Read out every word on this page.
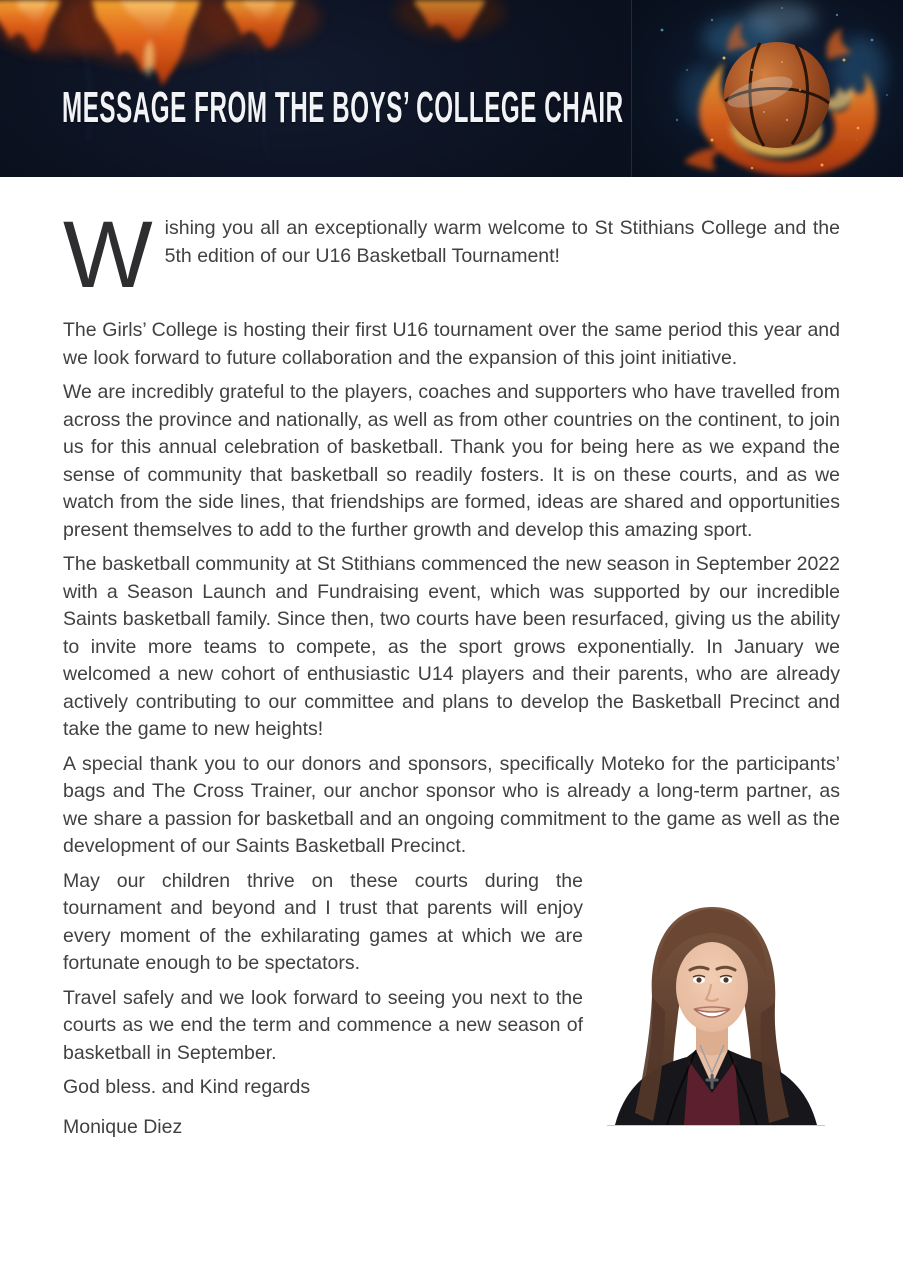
MESSAGE FROM THE BOYS’ COLLEGE CHAIR

Wishing you all an exceptionally warm welcome to St Stithians College and the 5th edition of our U16 Basketball Tournament!

The Girls’ College is hosting their first U16 tournament over the same period this year and we look forward to future collaboration and the expansion of this joint initiative.

We are incredibly grateful to the players, coaches and supporters who have travelled from across the province and nationally, as well as from other countries on the continent, to join us for this annual celebration of basketball. Thank you for being here as we expand the sense of community that basketball so readily fosters. It is on these courts, and as we watch from the side lines, that friendships are formed, ideas are shared and opportunities present themselves to add to the further growth and develop this amazing sport.

The basketball community at St Stithians commenced the new season in September 2022 with a Season Launch and Fundraising event, which was supported by our incredible Saints basketball family. Since then, two courts have been resurfaced, giving us the ability to invite more teams to compete, as the sport grows exponentially. In January we welcomed a new cohort of enthusiastic U14 players and their parents, who are already actively contributing to our committee and plans to develop the Basketball Precinct and take the game to new heights!

A special thank you to our donors and sponsors, specifically Moteko for the participants’ bags and The Cross Trainer, our anchor sponsor who is already a long-term partner, as we share a passion for basketball and an ongoing commitment to the game as well as the development of our Saints Basketball Precinct.

May our children thrive on these courts during the tournament and beyond and I trust that parents will enjoy every moment of the exhilarating games at which we are fortunate enough to be spectators.

Travel safely and we look forward to seeing you next to the courts as we end the term and commence a new season of basketball in September.

God bless. and Kind regards

Monique Diez
